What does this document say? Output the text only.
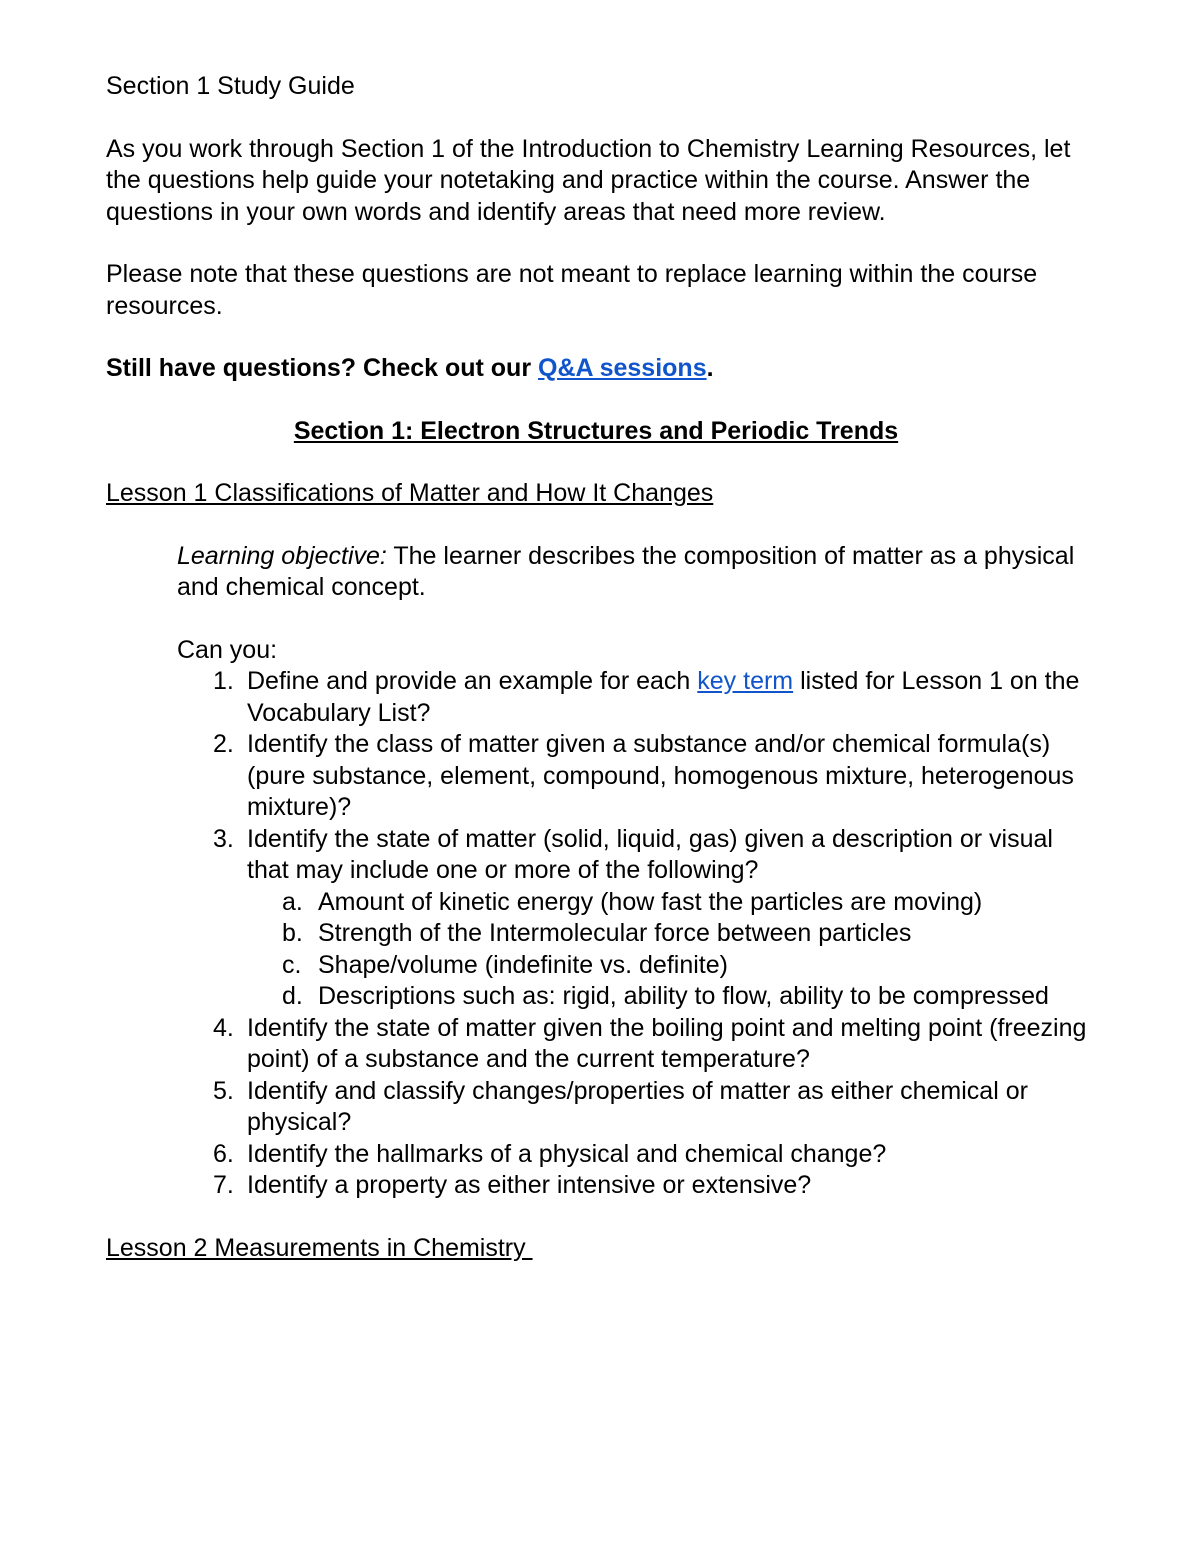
Section 1 Study Guide

As you work through Section 1 of the Introduction to Chemistry Learning Resources, let the questions help guide your notetaking and practice within the course. Answer the questions in your own words and identify areas that need more review.

Please note that these questions are not meant to replace learning within the course resources.

Still have questions? Check out our Q&A sessions.

Section 1: Electron Structures and Periodic Trends

Lesson 1 Classifications of Matter and How It Changes

Learning objective: The learner describes the composition of matter as a physical and chemical concept.

Can you:

1. Define and provide an example for each key term listed for Lesson 1 on the Vocabulary List?
2. Identify the class of matter given a substance and/or chemical formula(s) (pure substance, element, compound, homogenous mixture, heterogenous mixture)?
3. Identify the state of matter (solid, liquid, gas) given a description or visual that may include one or more of the following?
a. Amount of kinetic energy (how fast the particles are moving)
b. Strength of the Intermolecular force between particles
c. Shape/volume (indefinite vs. definite)
d. Descriptions such as: rigid, ability to flow, ability to be compressed
4. Identify the state of matter given the boiling point and melting point (freezing point) of a substance and the current temperature?
5. Identify and classify changes/properties of matter as either chemical or physical?
6. Identify the hallmarks of a physical and chemical change?
7. Identify a property as either intensive or extensive?

Lesson 2 Measurements in Chemistry
